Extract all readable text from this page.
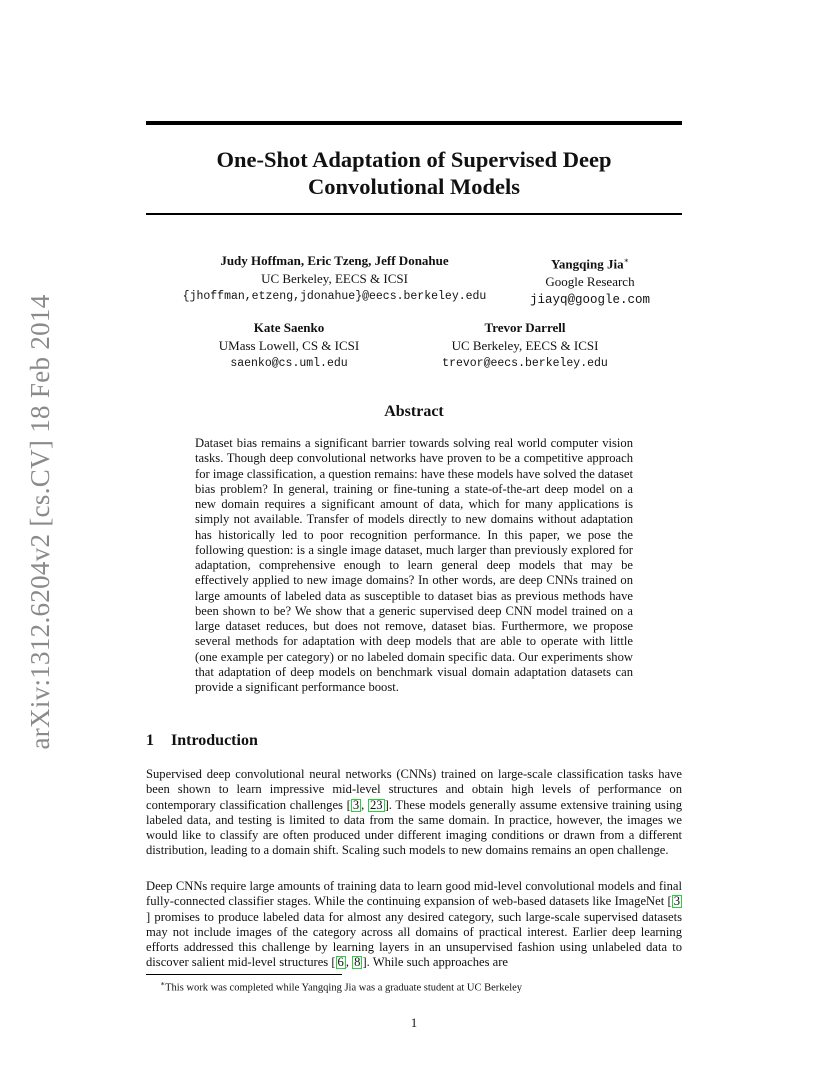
arXiv:1312.6204v2 [cs.CV] 18 Feb 2014
One-Shot Adaptation of Supervised Deep
Convolutional Models
Judy Hoffman, Eric Tzeng, Jeff Donahue
UC Berkeley, EECS & ICSI
{jhoffman,etzeng,jdonahue}@eecs.berkeley.edu
Yangqing Jia∗
Google Research
jiayq@google.com
Kate Saenko
UMass Lowell, CS & ICSI
saenko@cs.uml.edu
Trevor Darrell
UC Berkeley, EECS & ICSI
trevor@eecs.berkeley.edu
Abstract
Dataset bias remains a significant barrier towards solving real world computer vision tasks. Though deep convolutional networks have proven to be a competitive approach for image classification, a question remains: have these models have solved the dataset bias problem? In general, training or fine-tuning a state-of-the-art deep model on a new domain requires a significant amount of data, which for many applications is simply not available. Transfer of models directly to new domains without adaptation has historically led to poor recognition performance. In this paper, we pose the following question: is a single image dataset, much larger than previously explored for adaptation, comprehensive enough to learn general deep models that may be effectively applied to new image domains? In other words, are deep CNNs trained on large amounts of labeled data as susceptible to dataset bias as previous methods have been shown to be? We show that a generic supervised deep CNN model trained on a large dataset reduces, but does not remove, dataset bias. Furthermore, we propose several methods for adaptation with deep models that are able to operate with little (one example per category) or no labeled domain specific data. Our experiments show that adaptation of deep models on benchmark visual domain adaptation datasets can provide a significant performance boost.
1 Introduction
Supervised deep convolutional neural networks (CNNs) trained on large-scale classification tasks have been shown to learn impressive mid-level structures and obtain high levels of performance on contemporary classification challenges [ 3 , 23 ]. These models generally assume extensive training using labeled data, and testing is limited to data from the same domain. In practice, however, the images we would like to classify are often produced under different imaging conditions or drawn from a different distribution, leading to a domain shift. Scaling such models to new domains remains an open challenge.
Deep CNNs require large amounts of training data to learn good mid-level convolutional models and final fully-connected classifier stages. While the continuing expansion of web-based datasets like ImageNet [ 3] promises to produce labeled data for almost any desired category, such large-scale supervised datasets may not include images of the category across all domains of practical interest. Earlier deep learning efforts addressed this challenge by learning layers in an unsupervised fashion using unlabeled data to discover salient mid-level structures [ 6 , 8 ]. While such approaches are
∗This work was completed while Yangqing Jia was a graduate student at UC Berkeley
1
